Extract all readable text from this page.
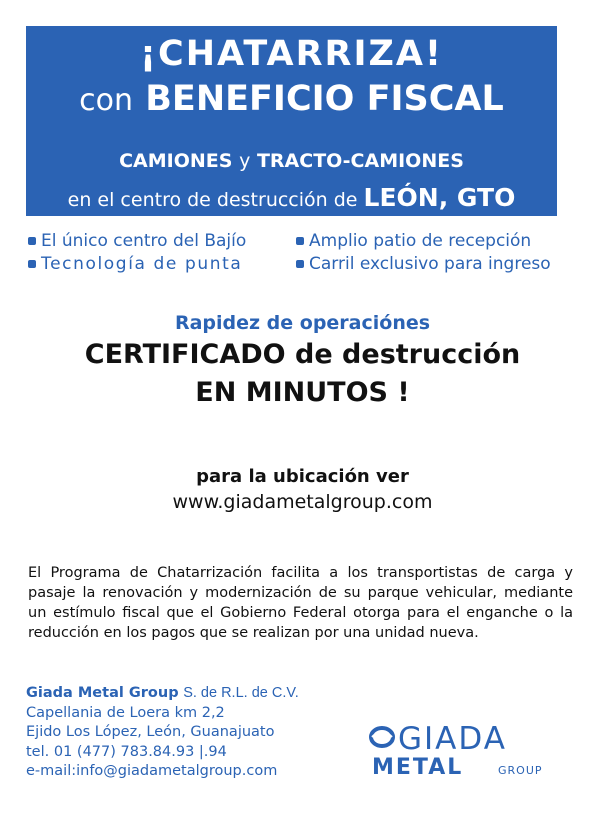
¡CHATARRIZA!
con BENEFICIO FISCAL
CAMIONES y TRACTO-CAMIONES
en el centro de destrucción de LEÓN, GTO
El único centro del Bajío
Tecnología de punta
Amplio patio de recepción
Carril exclusivo para ingreso
Rapidez de operaciónes
CERTIFICADO de destrucción
EN MINUTOS !
para la ubicación ver
www.giadametalgroup.com
El Programa de Chatarrización facilita a los transportistas de carga y pasaje la renovación y modernización de su parque vehicular, mediante un estímulo fiscal que el Gobierno Federal otorga para el enganche o la reducción en los pagos que se realizan por una unidad nueva.
Giada Metal Group S. de R.L. de C.V.
Capellania de Loera km 2,2
Ejido Los López, León, Guanajuato
tel. 01 (477) 783.84.93 |.94
e-mail:info@giadametalgroup.com
GIADA
METAL	GROUP
